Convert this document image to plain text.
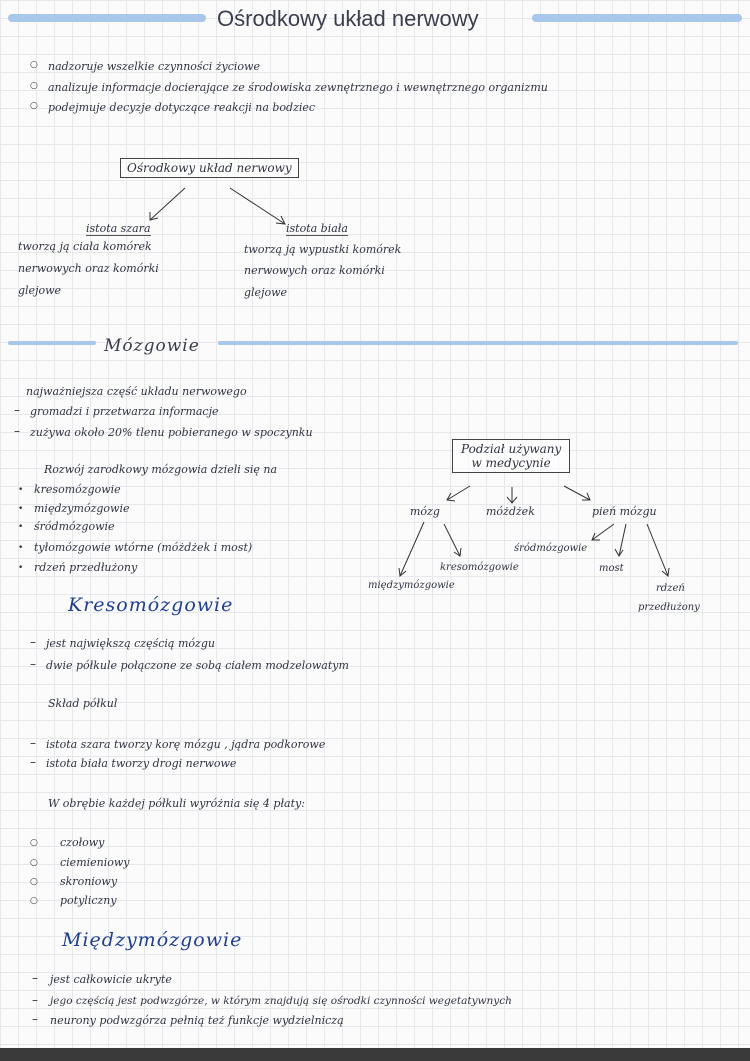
Ośrodkowy układ nerwowy
○ nadzoruje wszelkie czynności życiowe
○ analizuje informacje docierające ze środowiska zewnętrznego i wewnętrznego organizmu
○ podejmuje decyzje dotyczące reakcji na bodziec
Ośrodkowy układ nerwowy
istota szara
tworzą ją ciała komórek
nerwowych oraz komórki
glejowe
istota biała
tworzą ją wypustki komórek
nerwowych oraz komórki
glejowe
Mózgowie
najważniejsza część układu nerwowego
– gromadzi i przetwarza informacje
– zużywa około 20% tlenu pobieranego w spoczynku
Rozwój zarodkowy mózgowia dzieli się na
• kresomózgowie
• międzymózgowie
• śródmózgowie
• tyłomózgowie wtórne (móżdżek i most)
• rdzeń przedłużony
Podział używany
w medycynie
mózg	móżdżek	pień mózgu
śródmózgowie
kresomózgowie	most
międzymózgowie	rdzeń
przedłużony
Kresomózgowie
– jest największą częścią mózgu
– dwie półkule połączone ze sobą ciałem modzelowatym
Skład półkul
– istota szara tworzy korę mózgu , jądra podkorowe
– istota biała tworzy drogi nerwowe
W obrębie każdej półkuli wyróżnia się 4 płaty:
○ czołowy
○ ciemieniowy
○ skroniowy
○ potyliczny
Międzymózgowie
– jest całkowicie ukryte
– jego częścią jest podwzgórze, w którym znajdują się ośrodki czynności wegetatywnych
– neurony podwzgórza pełnią też funkcje wydzielniczą
